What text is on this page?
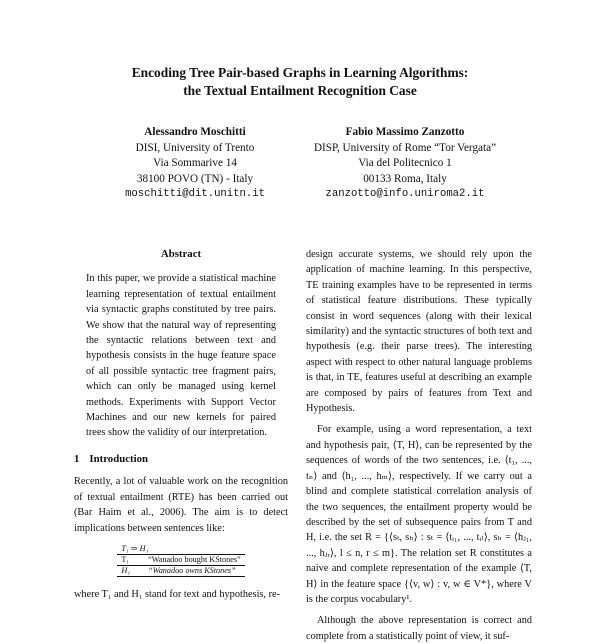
Encoding Tree Pair-based Graphs in Learning Algorithms:
the Textual Entailment Recognition Case
Alessandro Moschitti
DISI, University of Trento
Via Sommarive 14
38100 POVO (TN) - Italy
moschitti@dit.unitn.it
Fabio Massimo Zanzotto
DISP, University of Rome “Tor Vergata”
Via del Politecnico 1
00133 Roma, Italy
zanzotto@info.uniroma2.it
Abstract

In this paper, we provide a statistical machine learning representation of textual entailment via syntactic graphs constituted by tree pairs. We show that the natural way of representing the syntactic relations between text and hypothesis consists in the huge feature space of all possible syntactic tree fragment pairs, which can only be managed using kernel methods. Experiments with Support Vector Machines and our new kernels for paired trees show the validity of our interpretation.

1 Introduction

Recently, a lot of valuable work on the recognition of textual entailment (RTE) has been carried out (Bar Haim et al., 2006). The aim is to detect implications between sentences like:

T₁ ⇒ H₁	
T₁	“Wanadoo bought KStones”
H₁	“Wanadoo owns KStones”

where T₁ and H₁ stand for text and hypothesis, re-

design accurate systems, we should rely upon the application of machine learning. In this perspective, TE training examples have to be represented in terms of statistical feature distributions. These typically consist in word sequences (along with their lexical similarity) and the syntactic structures of both text and hypothesis (e.g. their parse trees). The interesting aspect with respect to other natural language problems is that, in TE, features useful at describing an example are composed by pairs of features from Text and Hypothesis.

For example, using a word representation, a text and hypothesis pair, ⟨T, H⟩, can be represented by the sequences of words of the two sentences, i.e. ⟨t₁, ..., tₙ⟩ and ⟨h₁, ..., hₘ⟩, respectively. If we carry out a blind and complete statistical correlation analysis of the two sequences, the entailment property would be described by the set of subsequence pairs from T and H, i.e. the set R = {⟨sₜ, sₕ⟩ : sₜ = ⟨tᵢ₁, ..., tᵢₗ⟩, sₕ = ⟨hⱼ₁, ..., hⱼᵣ⟩, l ≤ n, r ≤ m}. The relation set R constitutes a naive and complete representation of the example ⟨T, H⟩ in the feature space {⟨v, w⟩ : v, w ∈ V*}, where V is the corpus vocabulary¹.

Although the above representation is correct and complete from a statistically point of view, it suf-
